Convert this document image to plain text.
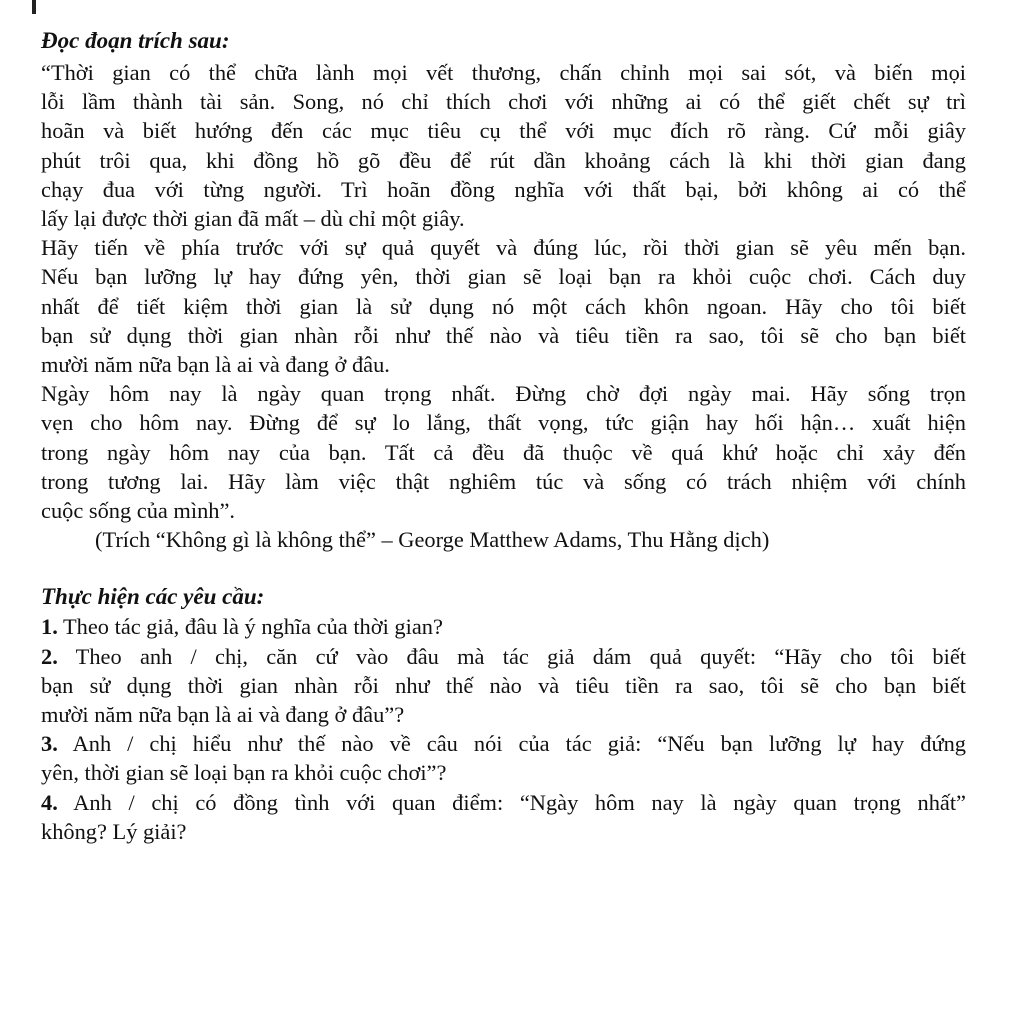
Đọc đoạn trích sau:

“Thời gian có thể chữa lành mọi vết thương, chấn chỉnh mọi sai sót, và biến mọi
lỗi lầm thành tài sản. Song, nó chỉ thích chơi với những ai có thể giết chết sự trì
hoãn và biết hướng đến các mục tiêu cụ thể với mục đích rõ ràng. Cứ mỗi giây
phút trôi qua, khi đồng hồ gõ đều để rút dần khoảng cách là khi thời gian đang
chạy đua với từng người. Trì hoãn đồng nghĩa với thất bại, bởi không ai có thể
lấy lại được thời gian đã mất – dù chỉ một giây.
Hãy tiến về phía trước với sự quả quyết và đúng lúc, rồi thời gian sẽ yêu mến bạn.
Nếu bạn lưỡng lự hay đứng yên, thời gian sẽ loại bạn ra khỏi cuộc chơi. Cách duy
nhất để tiết kiệm thời gian là sử dụng nó một cách khôn ngoan. Hãy cho tôi biết
bạn sử dụng thời gian nhàn rỗi như thế nào và tiêu tiền ra sao, tôi sẽ cho bạn biết
mười năm nữa bạn là ai và đang ở đâu.
Ngày hôm nay là ngày quan trọng nhất. Đừng chờ đợi ngày mai. Hãy sống trọn
vẹn cho hôm nay. Đừng để sự lo lắng, thất vọng, tức giận hay hối hận… xuất hiện
trong ngày hôm nay của bạn. Tất cả đều đã thuộc về quá khứ hoặc chỉ xảy đến
trong tương lai. Hãy làm việc thật nghiêm túc và sống có trách nhiệm với chính
cuộc sống của mình”.
(Trích “Không gì là không thể” – George Matthew Adams, Thu Hằng dịch)

Thực hiện các yêu cầu:

1. Theo tác giả, đâu là ý nghĩa của thời gian?
2. Theo anh / chị, căn cứ vào đâu mà tác giả dám quả quyết: “Hãy cho tôi biết
bạn sử dụng thời gian nhàn rỗi như thế nào và tiêu tiền ra sao, tôi sẽ cho bạn biết
mười năm nữa bạn là ai và đang ở đâu”?
3. Anh / chị hiểu như thế nào về câu nói của tác giả: “Nếu bạn lưỡng lự hay đứng
yên, thời gian sẽ loại bạn ra khỏi cuộc chơi”?
4. Anh / chị có đồng tình với quan điểm: “Ngày hôm nay là ngày quan trọng nhất”
không? Lý giải?
